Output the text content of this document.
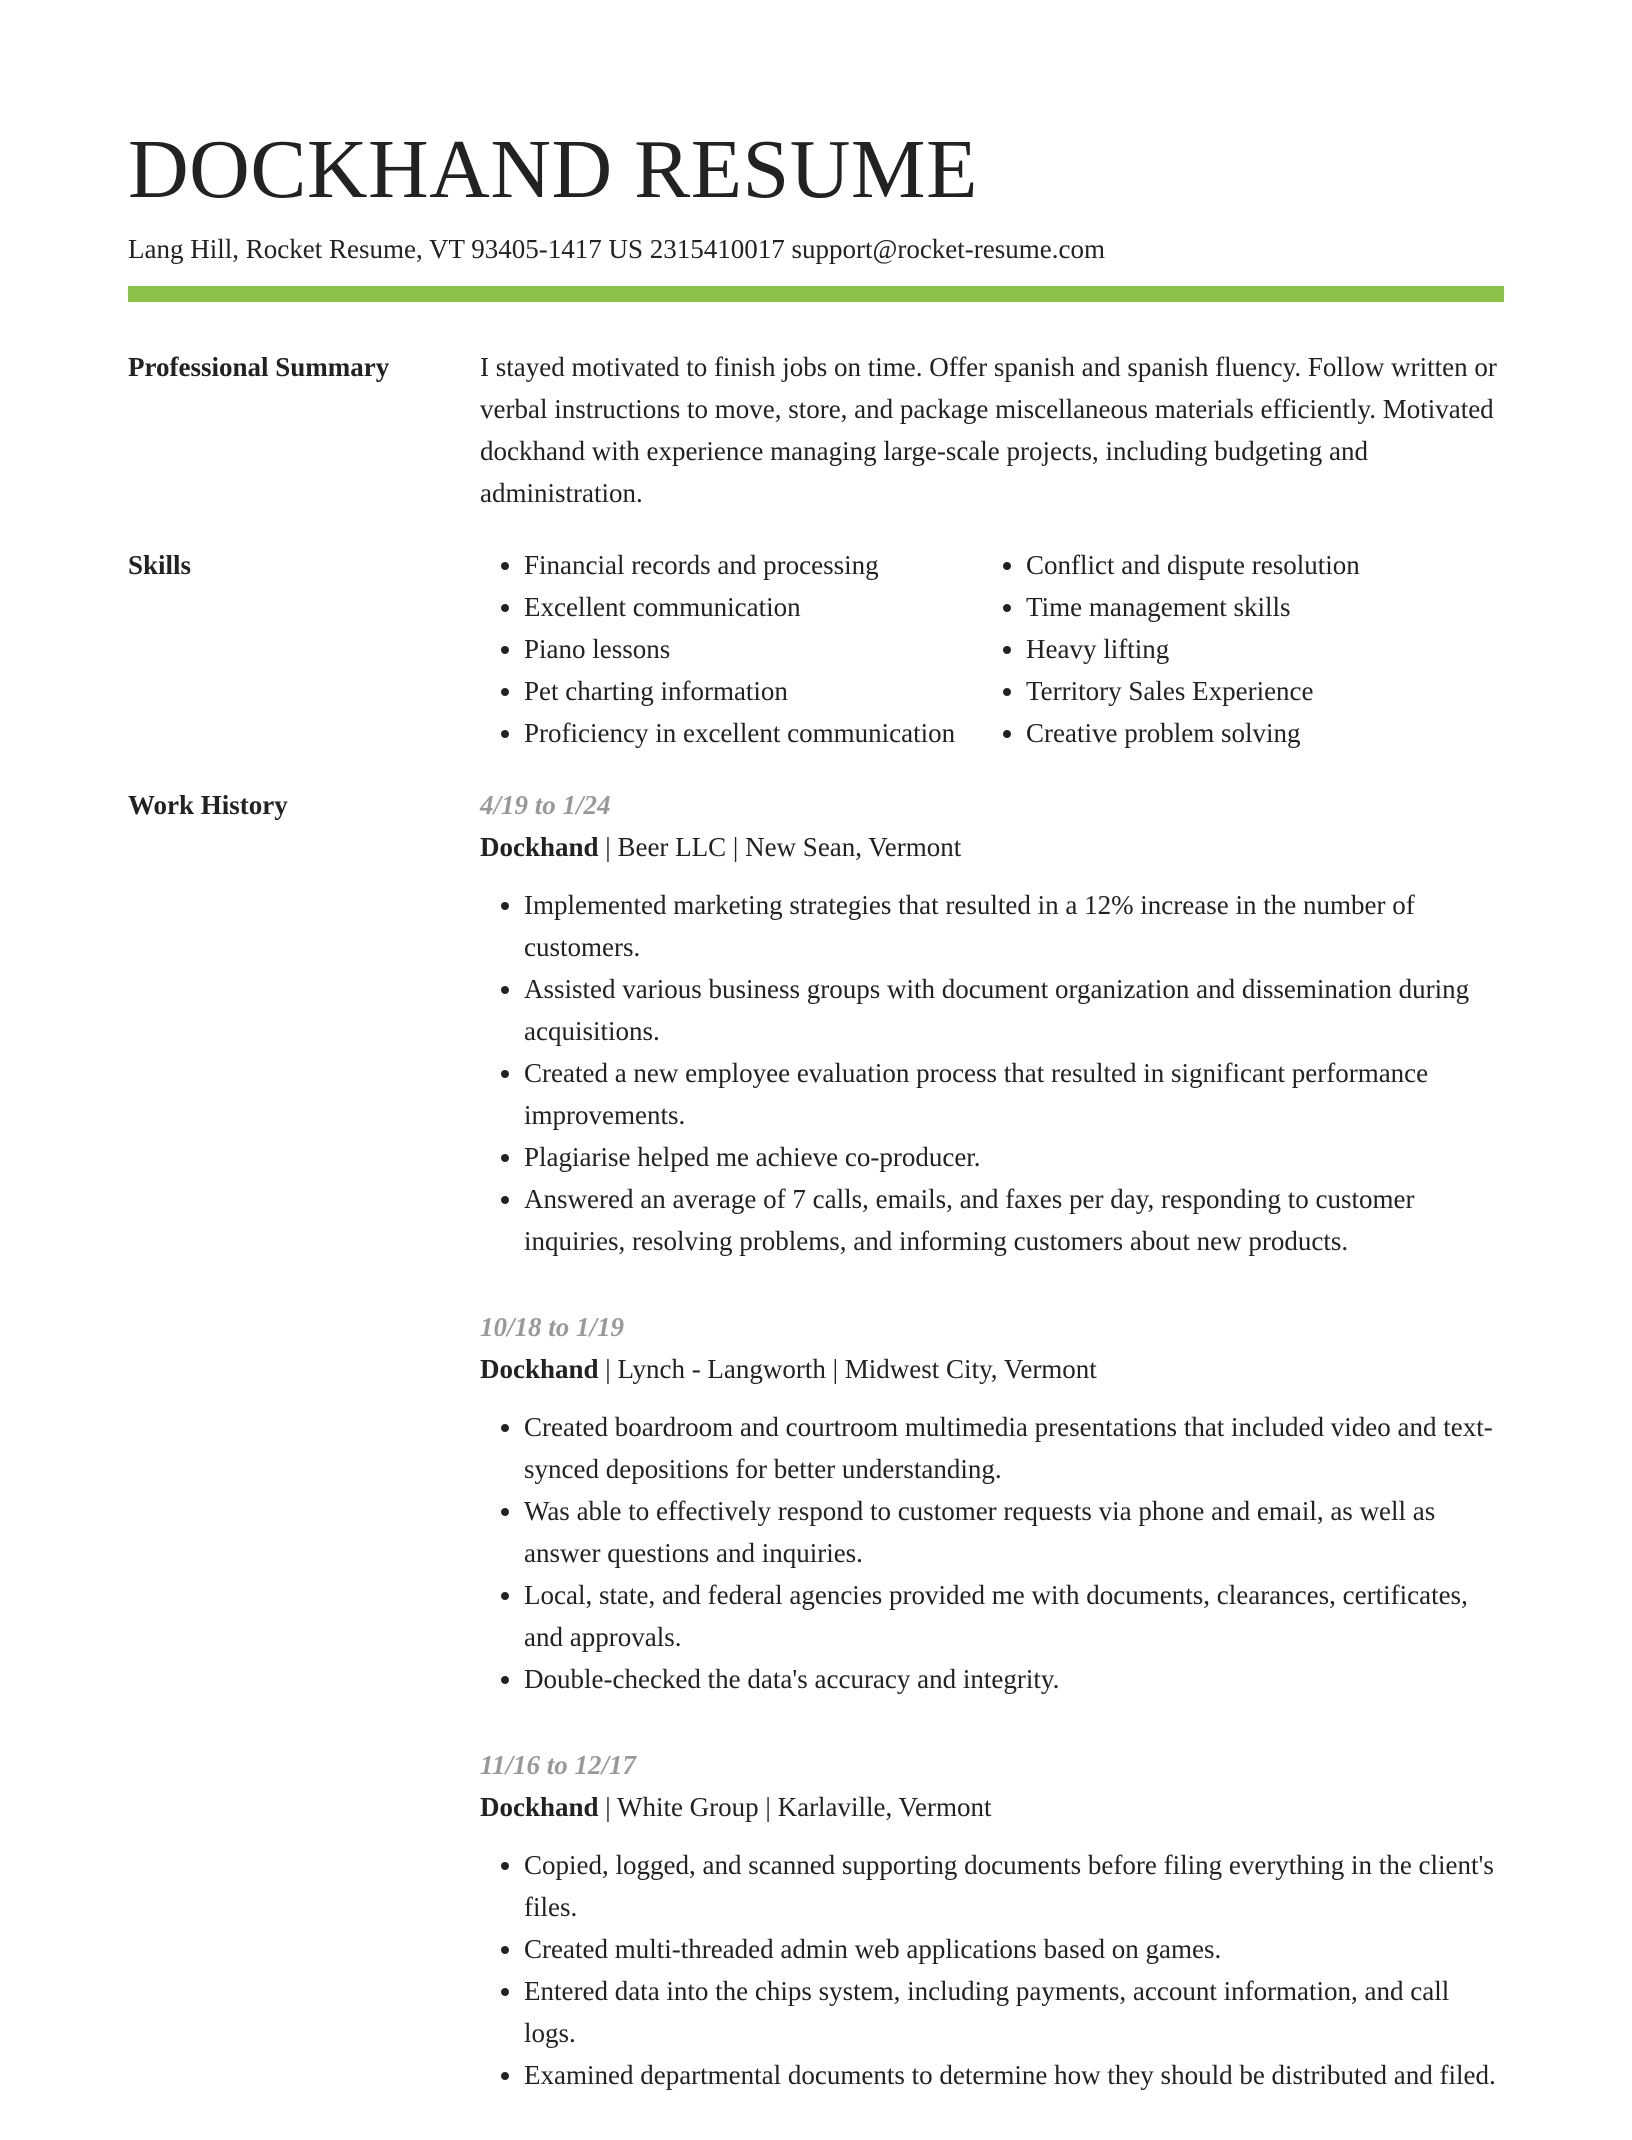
DOCKHAND RESUME
Lang Hill, Rocket Resume, VT 93405-1417 US 2315410017 support@rocket-resume.com
Professional Summary	I stayed motivated to finish jobs on time. Offer spanish and spanish fluency. Follow written or verbal instructions to move, store, and package miscellaneous materials efficiently. Motivated dockhand with experience managing large-scale projects, including budgeting and administration.

Skills
•	Financial records and processing
• Excellent communication
• Piano lessons
• Pet charting information
• Proficiency in excellent communication
• Conflict and dispute resolution
• Time management skills
• Heavy lifting
• Territory Sales Experience
• Creative problem solving
Work History	4/19 to 1/24
Dockhand | Beer LLC | New Sean, Vermont
• Implemented marketing strategies that resulted in a 12% increase in the number of customers.
• Assisted various business groups with document organization and dissemination during acquisitions.
• Created a new employee evaluation process that resulted in significant performance improvements.
• Plagiarise helped me achieve co-producer.
• Answered an average of 7 calls, emails, and faxes per day, responding to customer inquiries, resolving problems, and informing customers about new products.
10/18 to 1/19
Dockhand | Lynch - Langworth | Midwest City, Vermont
• Created boardroom and courtroom multimedia presentations that included video and text-synced depositions for better understanding.
• Was able to effectively respond to customer requests via phone and email, as well as answer questions and inquiries.
• Local, state, and federal agencies provided me with documents, clearances, certificates, and approvals.
• Double-checked the data's accuracy and integrity.
11/16 to 12/17
Dockhand | White Group | Karlaville, Vermont
• Copied, logged, and scanned supporting documents before filing everything in the client's files.
• Created multi-threaded admin web applications based on games.
• Entered data into the chips system, including payments, account information, and call logs.
• Examined departmental documents to determine how they should be distributed and filed.
